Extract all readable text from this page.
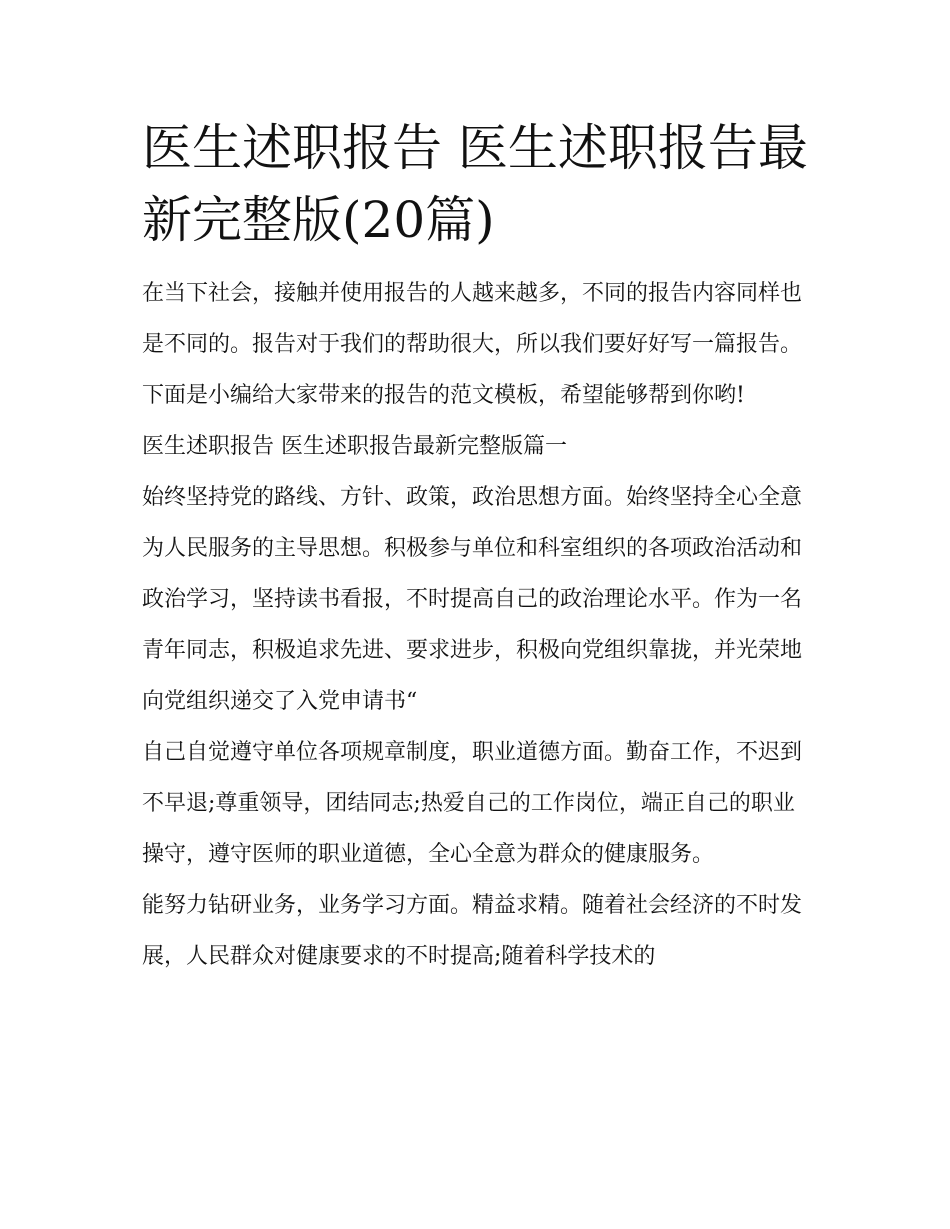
医生述职报告 医生述职报告最新完整版(20篇)

在当下社会，接触并使用报告的人越来越多，不同的报告内容同样也是不同的。报告对于我们的帮助很大，所以我们要好好写一篇报告。下面是小编给大家带来的报告的范文模板，希望能够帮到你哟!

医生述职报告 医生述职报告最新完整版篇一

始终坚持党的路线、方针、政策，政治思想方面。始终坚持全心全意为人民服务的主导思想。积极参与单位和科室组织的各项政治活动和政治学习，坚持读书看报，不时提高自己的政治理论水平。作为一名青年同志，积极追求先进、要求进步，积极向党组织靠拢，并光荣地向党组织递交了入党申请书“

自己自觉遵守单位各项规章制度，职业道德方面。勤奋工作，不迟到不早退;尊重领导，团结同志;热爱自己的工作岗位，端正自己的职业操守，遵守医师的职业道德，全心全意为群众的健康服务。

能努力钻研业务，业务学习方面。精益求精。随着社会经济的不时发展，人民群众对健康要求的不时提高;随着科学技术的
